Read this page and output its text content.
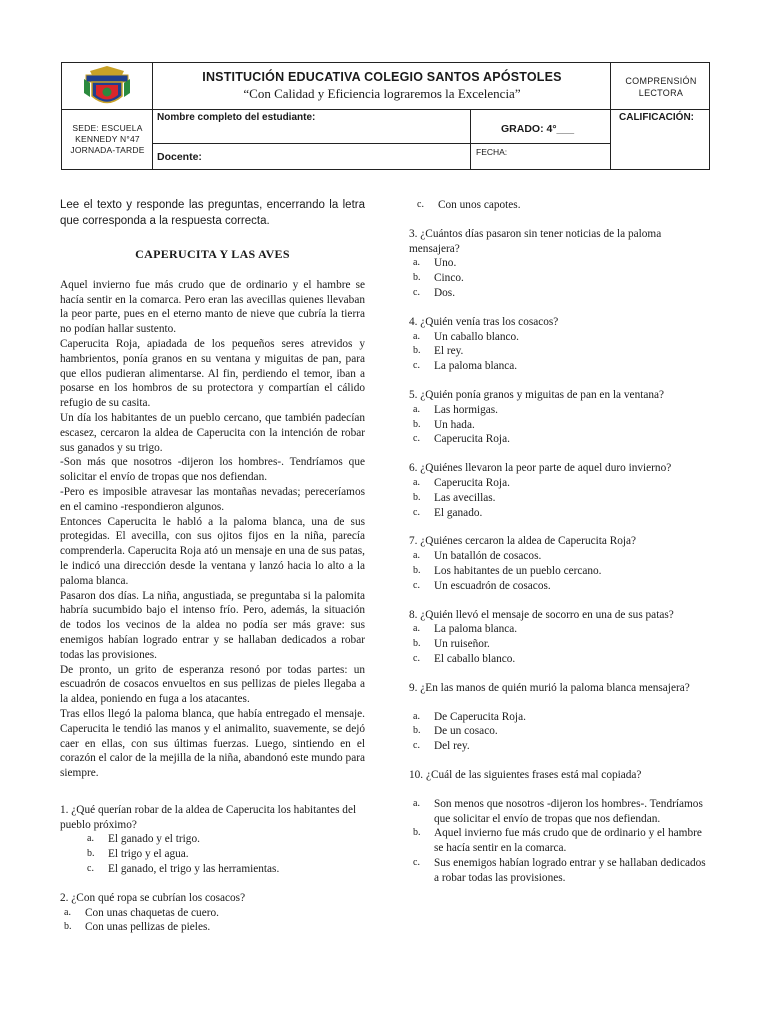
INSTITUCIÓN EDUCATIVA COLEGIO SANTOS APÓSTOLES
“Con Calidad y Eficiencia lograremos la Excelencia”
COMPRENSIÓN
LECTORA
SEDE: ESCUELA
KENNEDY N°47
JORNADA-TARDE
Nombre completo del estudiante:
GRADO: 4°___
CALIFICACIÓN:
Docente:	FECHA:

Lee el texto y responde las preguntas, encerrando la letra que corresponda a la respuesta correcta.

CAPERUCITA Y LAS AVES

Aquel invierno fue más crudo que de ordinario y el hambre se hacía sentir en la comarca. Pero eran las avecillas quienes llevaban la peor parte, pues en el eterno manto de nieve que cubría la tierra no podían hallar sustento.

Caperucita Roja, apiadada de los pequeños seres atrevidos y hambrientos, ponía granos en su ventana y miguitas de pan, para que ellos pudieran alimentarse. Al fin, perdiendo el temor, iban a posarse en los hombros de su protectora y compartían el cálido refugio de su casita.

Un día los habitantes de un pueblo cercano, que también padecían escasez, cercaron la aldea de Caperucita con la intención de robar sus ganados y su trigo.

-Son más que nosotros -dijeron los hombres-. Tendríamos que solicitar el envío de tropas que nos defiendan.

-Pero es imposible atravesar las montañas nevadas; pereceríamos en el camino -respondieron algunos.

Entonces Caperucita le habló a la paloma blanca, una de sus protegidas. El avecilla, con sus ojitos fijos en la niña, parecía comprenderla. Caperucita Roja ató un mensaje en una de sus patas, le indicó una dirección desde la ventana y lanzó hacia lo alto a la paloma blanca.

Pasaron dos días. La niña, angustiada, se preguntaba si la palomita habría sucumbido bajo el intenso frío. Pero, además, la situación de todos los vecinos de la aldea no podía ser más grave: sus enemigos habían logrado entrar y se hallaban dedicados a robar todas las provisiones.

De pronto, un grito de esperanza resonó por todas partes: un escuadrón de cosacos envueltos en sus pellizas de pieles llegaba a la aldea, poniendo en fuga a los atacantes.

Tras ellos llegó la paloma blanca, que había entregado el mensaje. Caperucita le tendió las manos y el animalito, suavemente, se dejó caer en ellas, con sus últimas fuerzas. Luego, sintiendo en el corazón el calor de la mejilla de la niña, abandonó este mundo para siempre.

1. ¿Qué querían robar de la aldea de Caperucita los habitantes del pueblo próximo?

a.	El ganado y el trigo.
b.	El trigo y el agua.
c.	El ganado, el trigo y las herramientas.

2. ¿Con qué ropa se cubrían los cosacos?

a.	Con unas chaquetas de cuero.
b.	Con unas pellizas de pieles.
c.	Con unos capotes.

3. ¿Cuántos días pasaron sin tener noticias de la paloma mensajera?

a.	Uno.
b.	Cinco.
c.	Dos.

4. ¿Quién venía tras los cosacos?

a.	Un caballo blanco.
b.	El rey.
c.	La paloma blanca.

5. ¿Quién ponía granos y miguitas de pan en la ventana?

a.	Las hormigas.
b.	Un hada.
c.	Caperucita Roja.

6. ¿Quiénes llevaron la peor parte de aquel duro invierno?

a.	Caperucita Roja.
b.	Las avecillas.
c.	El ganado.

7. ¿Quiénes cercaron la aldea de Caperucita Roja?

a.	Un batallón de cosacos.
b.	Los habitantes de un pueblo cercano.
c.	Un escuadrón de cosacos.

8. ¿Quién llevó el mensaje de socorro en una de sus patas?

a.	La paloma blanca.
b.	Un ruiseñor.
c.	El caballo blanco.

9. ¿En las manos de quién murió la paloma blanca mensajera?

a.	De Caperucita Roja.
b.	De un cosaco.
c.	Del rey.

10. ¿Cuál de las siguientes frases está mal copiada?

a.	Son menos que nosotros -dijeron los hombres-. Tendríamos que solicitar el envío de tropas que nos defiendan.
b.	Aquel invierno fue más crudo que de ordinario y el hambre se hacía sentir en la comarca.
c.	Sus enemigos habían logrado entrar y se hallaban dedicados a robar todas las provisiones.
